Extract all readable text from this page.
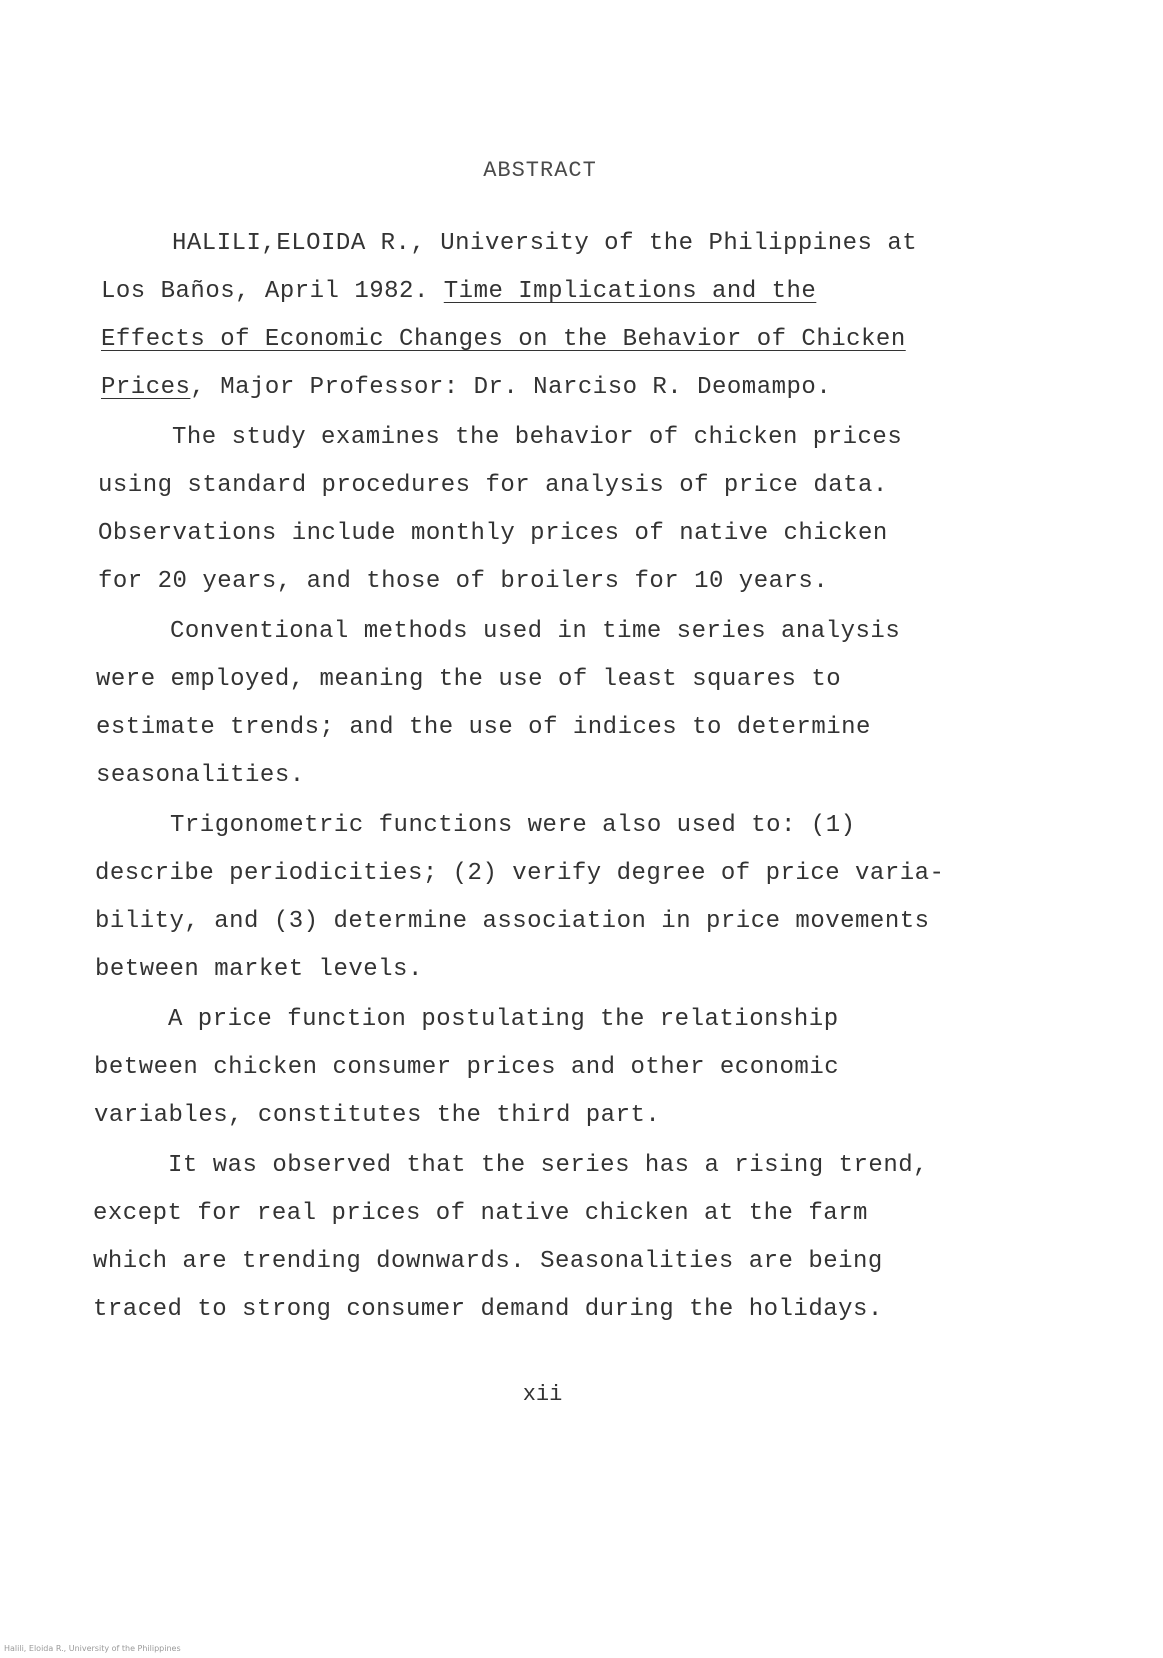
ABSTRACT
HALILI,ELOIDA R., University of the Philippines at
Los Baños, April 1982. Time Implications and the
Effects of Economic Changes on the Behavior of Chicken
Prices, Major Professor: Dr. Narciso R. Deomampo.
The study examines the behavior of chicken prices
using standard procedures for analysis of price data.
Observations include monthly prices of native chicken
for 20 years, and those of broilers for 10 years.
Conventional methods used in time series analysis
were employed, meaning the use of least squares to
estimate trends; and the use of indices to determine
seasonalities.
Trigonometric functions were also used to: (1)
describe periodicities; (2) verify degree of price varia-
bility, and (3) determine association in price movements
between market levels.
A price function postulating the relationship
between chicken consumer prices and other economic
variables, constitutes the third part.
It was observed that the series has a rising trend,
except for real prices of native chicken at the farm
which are trending downwards. Seasonalities are being
traced to strong consumer demand during the holidays.
xii
Halili, Eloida R., University of the Philippines
